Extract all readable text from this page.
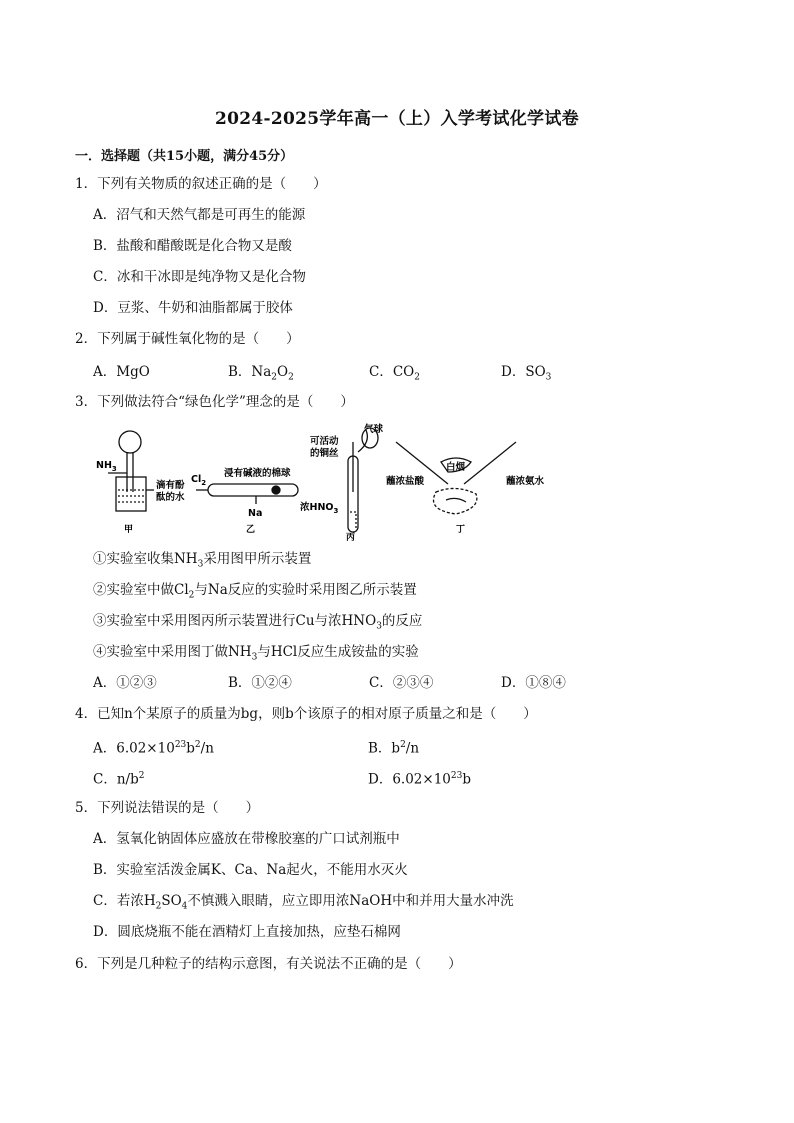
2024-2025学年高一（上）入学考试化学试卷
一．选择题（共15小题，满分45分）
1．下列有关物质的叙述正确的是（　　）
A．沼气和天然气都是可再生的能源
B．盐酸和醋酸既是化合物又是酸
C．冰和干冰即是纯净物又是化合物
D．豆浆、牛奶和油脂都属于胶体
2．下列属于碱性氧化物的是（　　）
A．MgO	B．$Na_2O_2$	C．$CO_2$	D．$SO_3$
3．下列做法符合“绿色化学”理念的是（　　）
$NH_3$
滴有酚
酞的水
$Cl_2$
浸有碱液的棉球
Na
可活动
的铜丝
气球
浓$HNO_3$
白烟
蘸浓盐酸	蘸浓氨水
甲	乙
丙
丁
①实验室收集$NH_3$采用图甲所示装置
②实验室中做$Cl_2$与Na反应的实验时采用图乙所示装置
③实验室中采用图丙所示装置进行Cu与浓$HNO_3$的反应
④实验室中采用图丁做$NH_3$与HCl反应生成铵盐的实验
A．①②③	B．①②④	C．②③④	D．①⑧④
4．已知n个某原子的质量为bg，则b个该原子的相对原子质量之和是（　　）
A．$6.02\times 10^{23}b^2/n$	B．$b^2/n$
C．$n/b^2$	D．$6.02\times 10^{23}b$
5．下列说法错误的是（　　）
A．氢氧化钠固体应盛放在带橡胶塞的广口试剂瓶中
B．实验室活泼金属K、Ca、Na起火，不能用水灭火
C．若浓$H_2SO_4$不慎溅入眼睛，应立即用浓NaOH中和并用大量水冲洗
D．圆底烧瓶不能在酒精灯上直接加热，应垫石棉网
6．下列是几种粒子的结构示意图，有关说法不正确的是（　　）
